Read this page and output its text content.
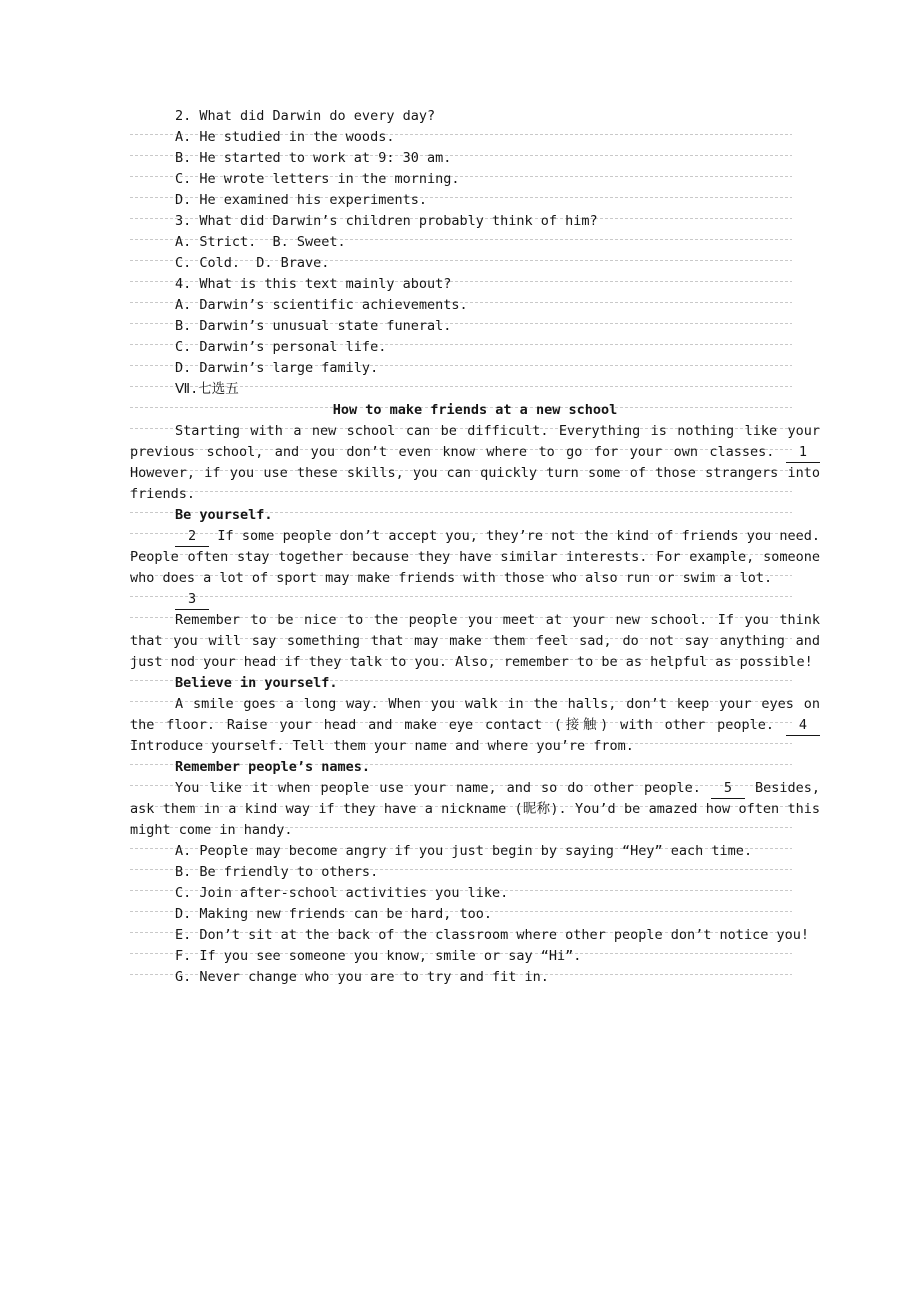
2. What did Darwin do every day?
A. He studied in the woods.
B. He started to work at 9: 30 am.
C. He wrote letters in the morning.
D. He examined his experiments.
3. What did Darwin’s children probably think of him?
A. Strict.  B. Sweet.
C. Cold.  D. Brave.
4. What is this text mainly about?
A. Darwin’s scientific achievements.
B. Darwin’s unusual state funeral.
C. Darwin’s personal life.
D. Darwin’s large family.
Ⅶ.七选五
How to make friends at a new school

Starting with a new school can be difficult. Everything is nothing like your previous school, and you don’t even know where to go for your own classes. 1 However, if you use these skills, you can quickly turn some of those strangers into friends.

Be yourself.

2 If some people don’t accept you, they’re not the kind of friends you need. People often stay together because they have similar interests. For example, someone who does a lot of sport may make friends with those who also run or swim a lot.

3

Remember to be nice to the people you meet at your new school. If you think that you will say something that may make them feel sad, do not say anything and just nod your head if they talk to you. Also, remember to be as helpful as possible!

Believe in yourself.

A smile goes a long way. When you walk in the halls, don’t keep your eyes on the floor. Raise your head and make eye contact (接触) with other people. 4 Introduce yourself. Tell them your name and where you’re from.

Remember people’s names.

You like it when people use your name, and so do other people. 5 Besides, ask them in a kind way if they have a nickname (昵称). You’d be amazed how often this might come in handy.

A. People may become angry if you just begin by saying “Hey” each time.
B. Be friendly to others.
C. Join after-school activities you like.
D. Making new friends can be hard, too.
E. Don’t sit at the back of the classroom where other people don’t notice you!
F. If you see someone you know, smile or say “Hi”.
G. Never change who you are to try and fit in.
